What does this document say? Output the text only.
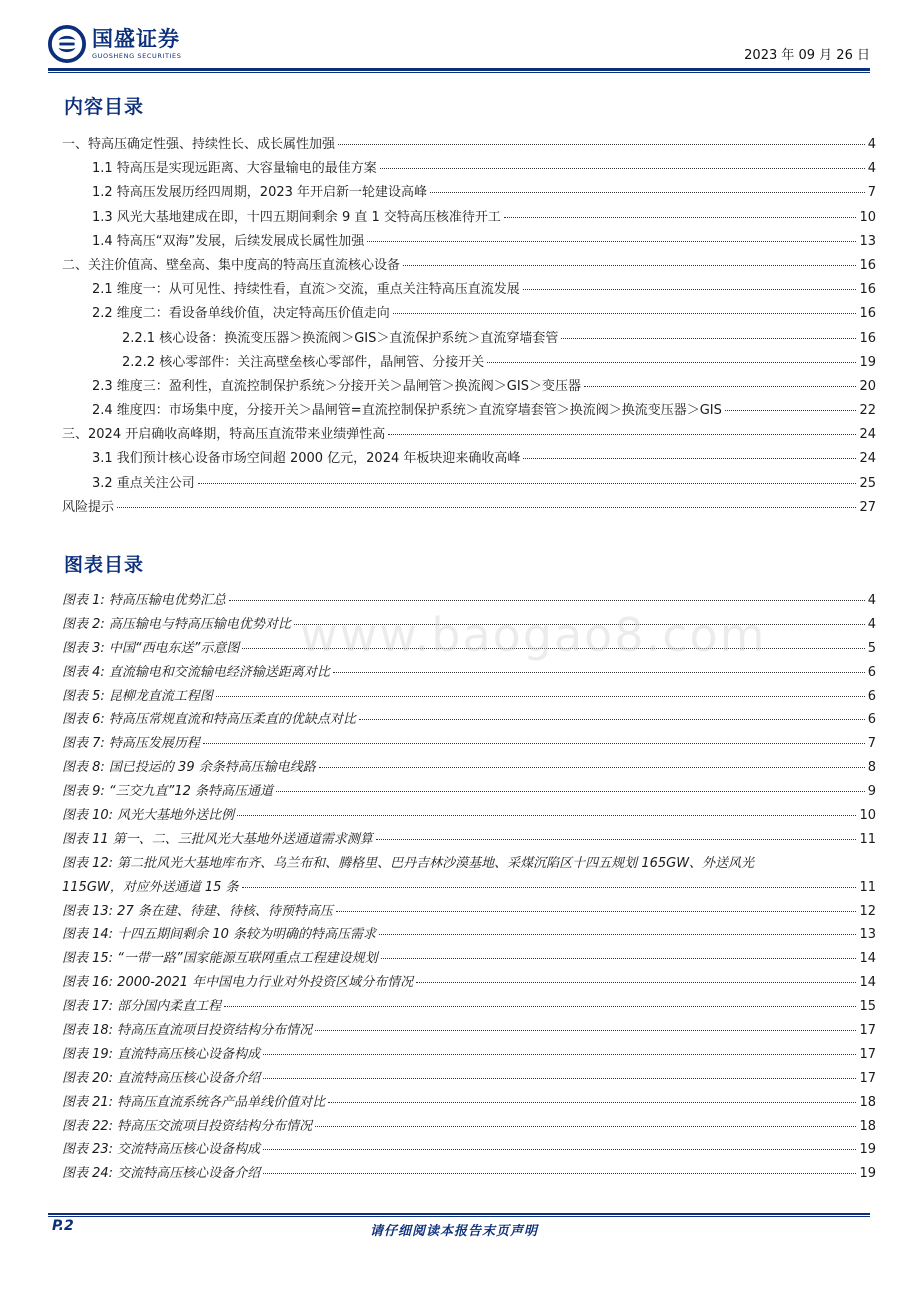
国盛证券
GUOSHENG SECURITIES	2023 年 09 月 26 日
内容目录
一、特高压确定性强、持续性长、成长属性加强	4
1.1 特高压是实现远距离、大容量输电的最佳方案	4
1.2 特高压发展历经四周期，2023 年开启新一轮建设高峰	7
1.3 风光大基地建成在即，十四五期间剩余 9 直 1 交特高压核准待开工	10
1.4 特高压“双海”发展，后续发展成长属性加强	13
二、关注价值高、壁垒高、集中度高的特高压直流核心设备	16
2.1 维度一：从可见性、持续性看，直流＞交流，重点关注特高压直流发展	16
2.2 维度二：看设备单线价值，决定特高压价值走向	16
2.2.1 核心设备：换流变压器＞换流阀＞GIS＞直流保护系统＞直流穿墙套管	16
2.2.2 核心零部件：关注高壁垒核心零部件，晶闸管、分接开关	19
2.3 维度三：盈利性，直流控制保护系统＞分接开关＞晶闸管＞换流阀＞GIS＞变压器	20
2.4 维度四：市场集中度，分接开关＞晶闸管=直流控制保护系统＞直流穿墙套管＞换流阀＞换流变压器＞GIS	22
三、2024 开启确收高峰期，特高压直流带来业绩弹性高	24
3.1 我们预计核心设备市场空间超 2000 亿元，2024 年板块迎来确收高峰	24
3.2 重点关注公司	25
风险提示	27
图表目录
图表 1: 特高压输电优势汇总	4
图表 2: 高压输电与特高压输电优势对比	4
图表 3: 中国“西电东送”示意图	5
图表 4: 直流输电和交流输电经济输送距离对比	6
图表 5: 昆柳龙直流工程图	6
图表 6: 特高压常规直流和特高压柔直的优缺点对比	6
图表 7: 特高压发展历程	7
图表 8: 国已投运的 39 余条特高压输电线路	8
图表 9: “三交九直”12 条特高压通道	9
图表 10: 风光大基地外送比例	10
图表 11 第一、二、三批风光大基地外送通道需求测算	11
图表 12: 第二批风光大基地库布齐、乌兰布和、腾格里、巴丹吉林沙漠基地、采煤沉陷区十四五规划 165GW、外送风光
115GW，对应外送通道 15 条	11
图表 13: 27 条在建、待建、待核、待预特高压	12
图表 14: 十四五期间剩余 10 条较为明确的特高压需求	13
图表 15: “一带一路”国家能源互联网重点工程建设规划	14
图表 16: 2000-2021 年中国电力行业对外投资区域分布情况	14
图表 17: 部分国内柔直工程	15
图表 18: 特高压直流项目投资结构分布情况	17
图表 19: 直流特高压核心设备构成	17
图表 20: 直流特高压核心设备介绍	17
图表 21: 特高压直流系统各产品单线价值对比	18
图表 22: 特高压交流项目投资结构分布情况	18
图表 23: 交流特高压核心设备构成	19
图表 24: 交流特高压核心设备介绍	19
www.baogao8.com
P.2	请仔细阅读本报告末页声明
